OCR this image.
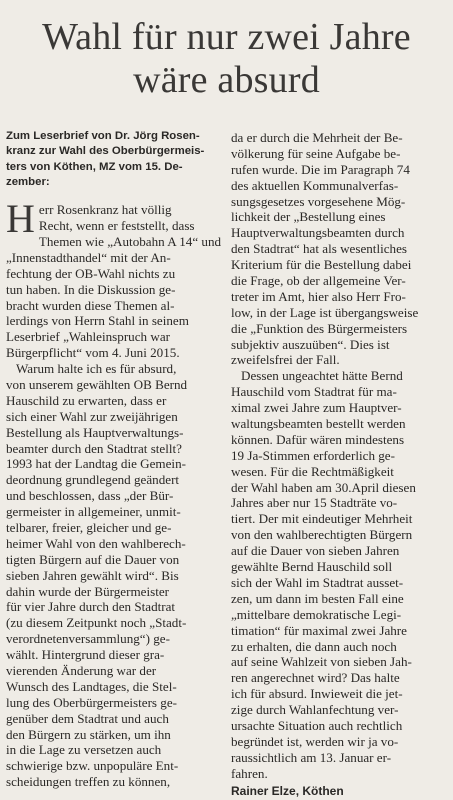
Wahl für nur zwei Jahre
wäre absurd
Zum Leserbrief von Dr. Jörg Rosen-
kranz zur Wahl des Oberbürgermeis-
ters von Köthen, MZ vom 15. De-
zember:
H err Rosenkranz hat völlig
Recht, wenn er feststellt, dass
Themen wie „Autobahn A 14“ und
„Innenstadthandel“ mit der An-
fechtung der OB-Wahl nichts zu
tun haben. In die Diskussion ge-
bracht wurden diese Themen al-
lerdings von Herrn Stahl in seinem
Leserbrief „Wahleinspruch war
Bürgerpflicht“ vom 4. Juni 2015.
Warum halte ich es für absurd,
von unserem gewählten OB Bernd
Hauschild zu erwarten, dass er
sich einer Wahl zur zweijährigen
Bestellung als Hauptverwaltungs-
beamter durch den Stadtrat stellt?
1993 hat der Landtag die Gemein-
deordnung grundlegend geändert
und beschlossen, dass „der Bür-
germeister in allgemeiner, unmit-
telbarer, freier, gleicher und ge-
heimer Wahl von den wahlberech-
tigten Bürgern auf die Dauer von
sieben Jahren gewählt wird“. Bis
dahin wurde der Bürgermeister
für vier Jahre durch den Stadtrat
(zu diesem Zeitpunkt noch „Stadt-
verordnetenversammlung“) ge-
wählt. Hintergrund dieser gra-
vierenden Änderung war der
Wunsch des Landtages, die Stel-
lung des Oberbürgermeisters ge-
genüber dem Stadtrat und auch
den Bürgern zu stärken, um ihn
in die Lage zu versetzen auch
schwierige bzw. unpopuläre Ent-
scheidungen treffen zu können,
da er durch die Mehrheit der Be-
völkerung für seine Aufgabe be-
rufen wurde. Die im Paragraph 74
des aktuellen Kommunalverfas-
sungsgesetzes vorgesehene Mög-
lichkeit der „Bestellung eines
Hauptverwaltungsbeamten durch
den Stadtrat“ hat als wesentliches
Kriterium für die Bestellung dabei
die Frage, ob der allgemeine Ver-
treter im Amt, hier also Herr Fro-
low, in der Lage ist übergangsweise
die „Funktion des Bürgermeisters
subjektiv auszuüben“. Dies ist
zweifelsfrei der Fall.
Dessen ungeachtet hätte Bernd
Hauschild vom Stadtrat für ma-
ximal zwei Jahre zum Hauptver-
waltungsbeamten bestellt werden
können. Dafür wären mindestens
19 Ja-Stimmen erforderlich ge-
wesen. Für die Rechtmäßigkeit
der Wahl haben am 30.April diesen
Jahres aber nur 15 Stadträte vo-
tiert. Der mit eindeutiger Mehrheit
von den wahlberechtigten Bürgern
auf die Dauer von sieben Jahren
gewählte Bernd Hauschild soll
sich der Wahl im Stadtrat ausset-
zen, um dann im besten Fall eine
„mittelbare demokratische Legi-
timation“ für maximal zwei Jahre
zu erhalten, die dann auch noch
auf seine Wahlzeit von sieben Jah-
ren angerechnet wird? Das halte
ich für absurd. Inwieweit die jet-
zige durch Wahlanfechtung ver-
ursachte Situation auch rechtlich
begründet ist, werden wir ja vo-
raussichtlich am 13. Januar er-
fahren.
Rainer Elze, Köthen
